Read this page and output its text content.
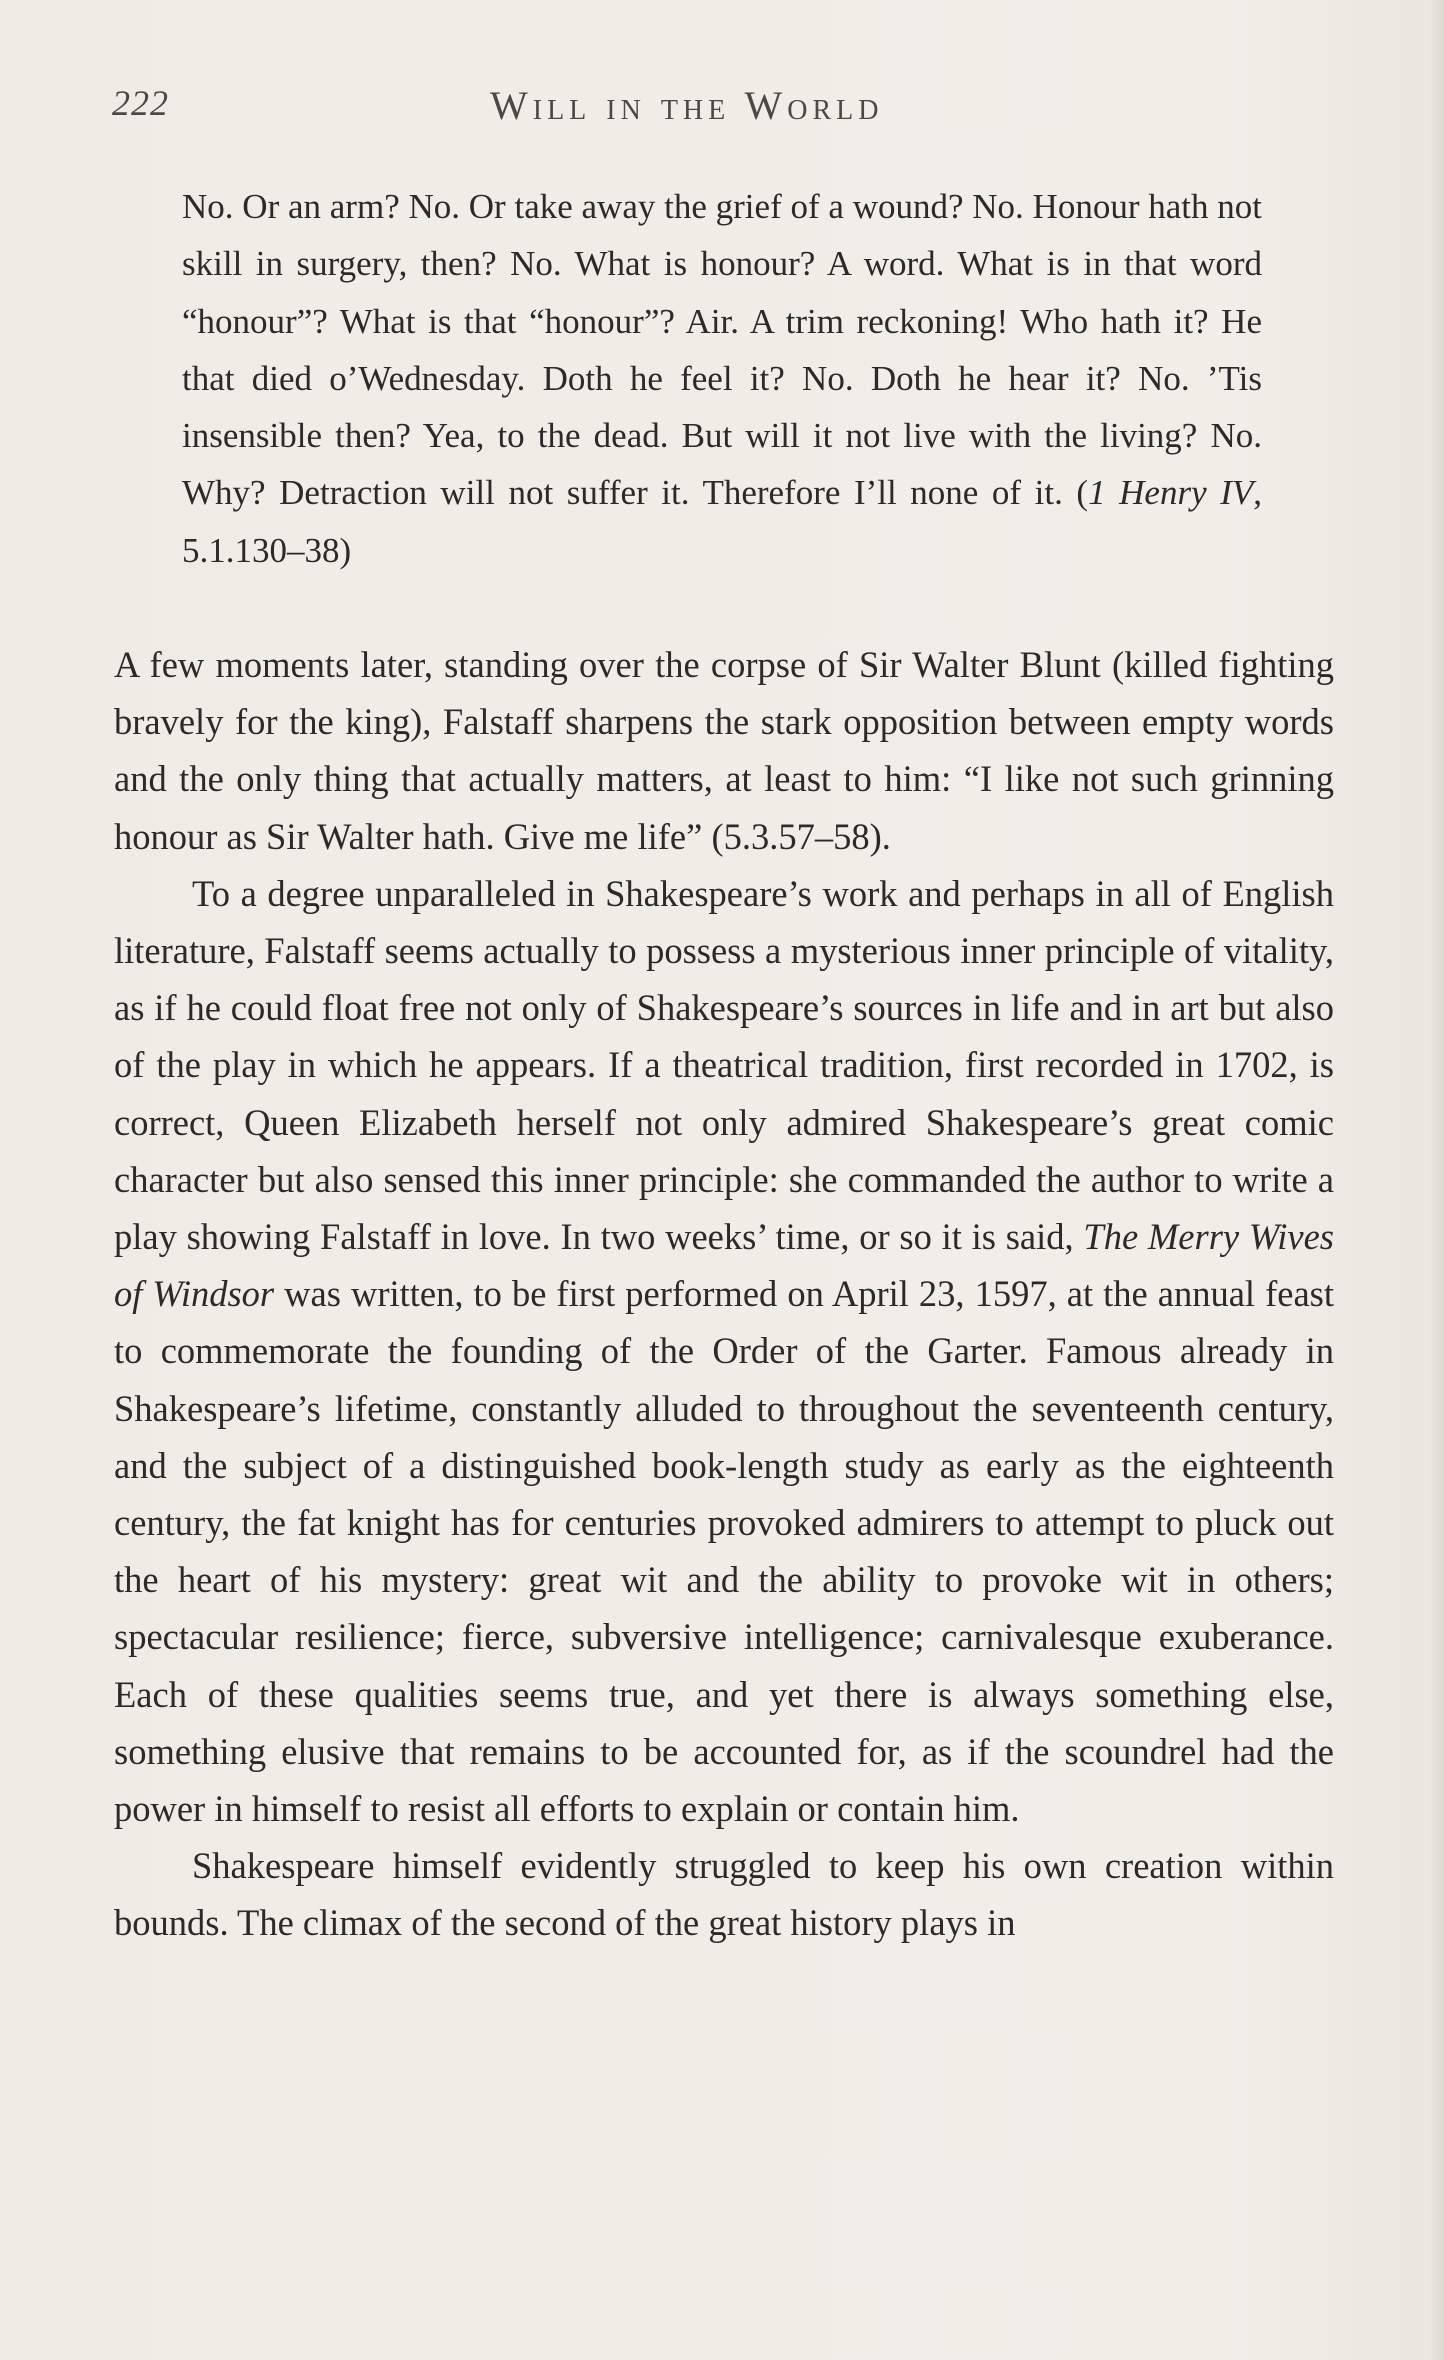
222	Will in the World

No. Or an arm? No. Or take away the grief of a wound? No. Honour hath not skill in surgery, then? No. What is honour? A word. What is in that word “honour”? What is that “honour”? Air. A trim reckoning! Who hath it? He that died o’Wednesday. Doth he feel it? No. Doth he hear it? No. ’Tis insensible then? Yea, to the dead. But will it not live with the living? No. Why? Detraction will not suffer it. Therefore I’ll none of it. (1 Henry IV, 5.1.130–38)

A few moments later, standing over the corpse of Sir Walter Blunt (killed fighting bravely for the king), Falstaff sharpens the stark opposition between empty words and the only thing that actually matters, at least to him: “I like not such grinning honour as Sir Walter hath. Give me life” (5.3.57–58).

To a degree unparalleled in Shakespeare’s work and perhaps in all of English literature, Falstaff seems actually to possess a mysterious inner principle of vitality, as if he could float free not only of Shakespeare’s sources in life and in art but also of the play in which he appears. If a theatrical tradition, first recorded in 1702, is correct, Queen Elizabeth herself not only admired Shakespeare’s great comic character but also sensed this inner principle: she commanded the author to write a play showing Falstaff in love. In two weeks’ time, or so it is said, The Merry Wives of Windsor was written, to be first performed on April 23, 1597, at the annual feast to commemorate the founding of the Order of the Garter. Famous already in Shakespeare’s lifetime, constantly alluded to throughout the seventeenth century, and the subject of a distinguished book-length study as early as the eighteenth century, the fat knight has for centuries provoked admirers to attempt to pluck out the heart of his mystery: great wit and the ability to provoke wit in others; spectacular resilience; fierce, subversive intelligence; carnivalesque exuberance. Each of these qualities seems true, and yet there is always something else, something elusive that remains to be accounted for, as if the scoundrel had the power in himself to resist all efforts to explain or contain him.

Shakespeare himself evidently struggled to keep his own creation within bounds. The climax of the second of the great history plays in
